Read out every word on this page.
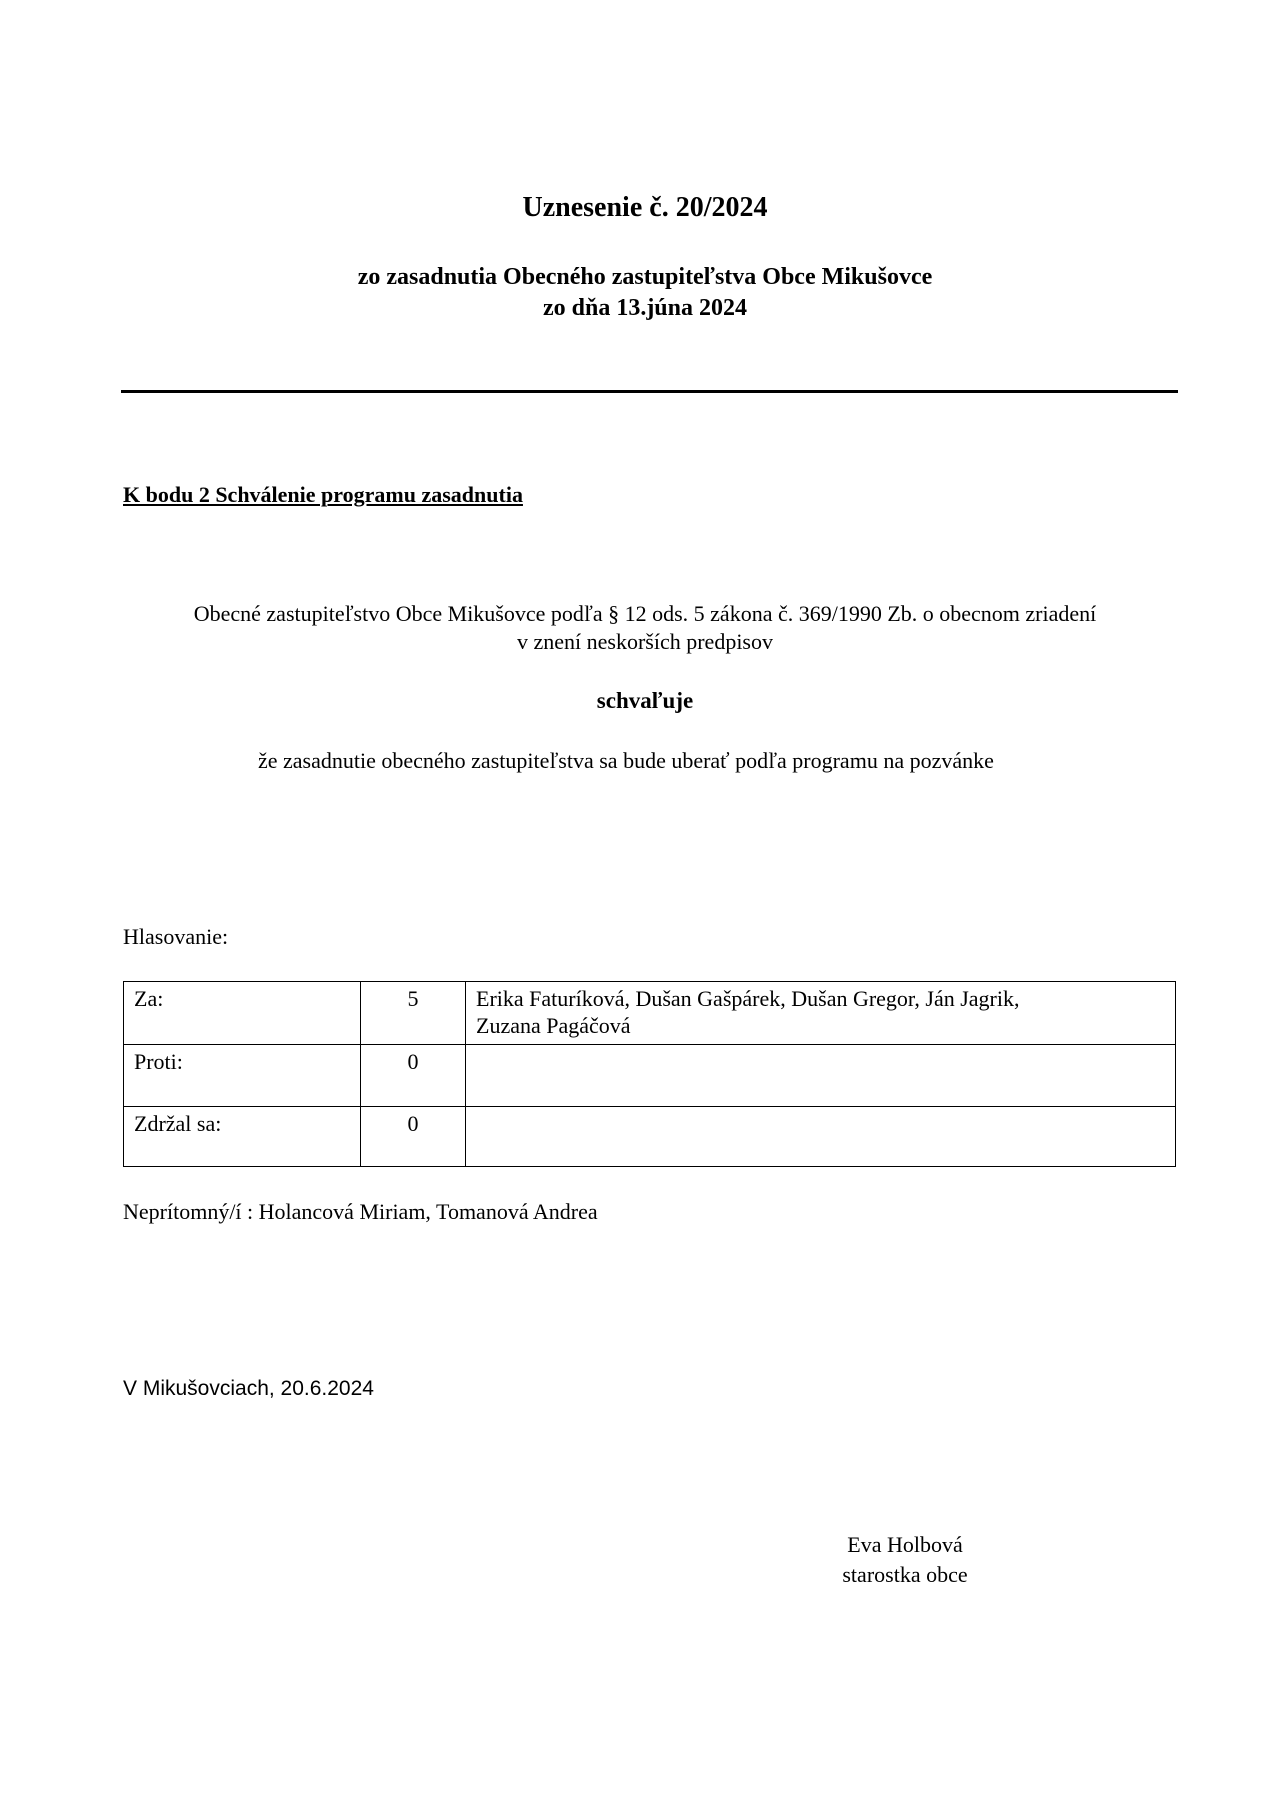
Uznesenie č. 20/2024
zo zasadnutia Obecného zastupiteľstva Obce Mikušovce
zo dňa 13.júna 2024
K bodu 2 Schválenie programu zasadnutia
Obecné zastupiteľstvo Obce Mikušovce podľa § 12 ods. 5 zákona č. 369/1990 Zb. o obecnom zriadení
v znení neskorších predpisov
schvaľuje
že zasadnutie obecného zastupiteľstva sa bude uberať podľa programu na pozvánke
Hlasovanie:
Za:	5	Erika Faturíková, Dušan Gašpárek, Dušan Gregor, Ján Jagrik,
Zuzana Pagáčová

Proti:	0	
Zdržal sa:	0	
Neprítomný/í : Holancová Miriam, Tomanová Andrea
V Mikušovciach, 20.6.2024
Eva Holbová
starostka obce
